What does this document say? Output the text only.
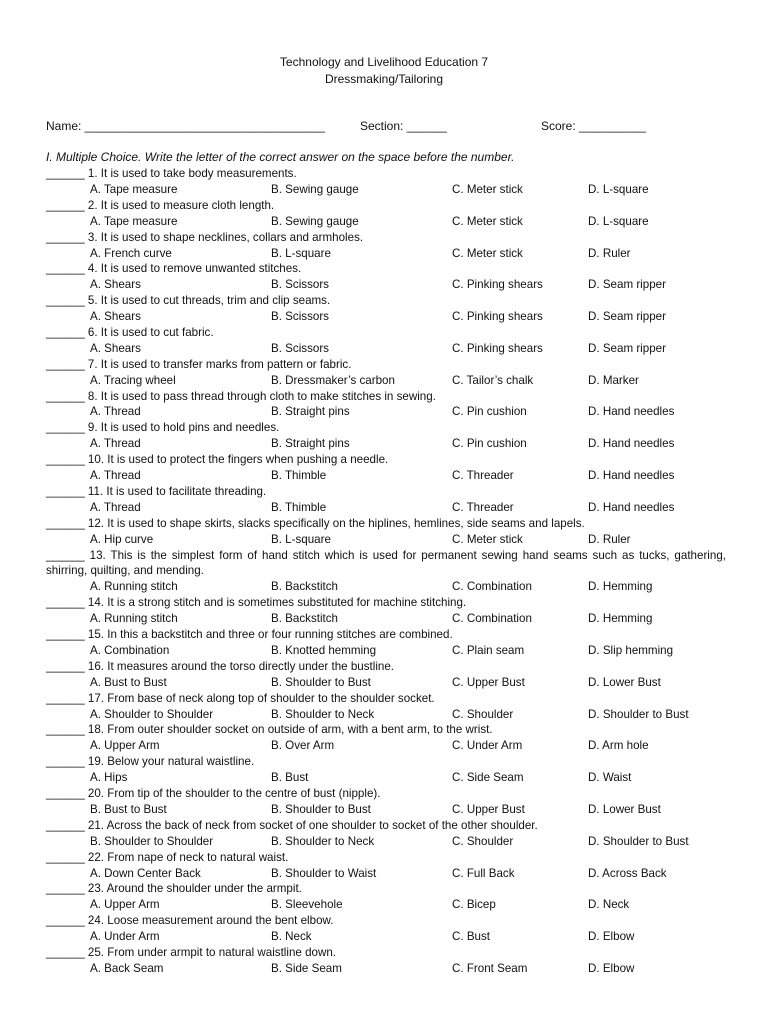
Technology and Livelihood Education 7
Dressmaking/Tailoring
Name: ____________________________________	Section: ______	Score: __________
I. Multiple Choice. Write the letter of the correct answer on the space before the number.
______ 1. It is used to take body measurements.
A. Tape measure	B. Sewing gauge	C. Meter stick	D. L-square
______ 2. It is used to measure cloth length.
A. Tape measure	B. Sewing gauge	C. Meter stick	D. L-square
______ 3. It is used to shape necklines, collars and armholes.
A. French curve	B. L-square	C. Meter stick	D. Ruler
______ 4. It is used to remove unwanted stitches.
A. Shears	B. Scissors	C. Pinking shears	D. Seam ripper
______ 5. It is used to cut threads, trim and clip seams.
A. Shears	B. Scissors	C. Pinking shears	D. Seam ripper
______ 6. It is used to cut fabric.
A. Shears	B. Scissors	C. Pinking shears	D. Seam ripper
______ 7. It is used to transfer marks from pattern or fabric.
A. Tracing wheel	B. Dressmaker’s carbon	C. Tailor’s chalk	D. Marker
______ 8. It is used to pass thread through cloth to make stitches in sewing.
A. Thread	B. Straight pins	C. Pin cushion	D. Hand needles
______ 9. It is used to hold pins and needles.
A. Thread	B. Straight pins	C. Pin cushion	D. Hand needles
______ 10. It is used to protect the fingers when pushing a needle.
A. Thread	B. Thimble	C. Threader	D. Hand needles
______ 11. It is used to facilitate threading.
A. Thread	B. Thimble	C. Threader	D. Hand needles
______ 12. It is used to shape skirts, slacks specifically on the hiplines, hemlines, side seams and lapels.
A. Hip curve	B. L-square	C. Meter stick	D. Ruler
______ 13. This is the simplest form of hand stitch which is used for permanent sewing hand seams such as tucks, gathering, shirring, quilting, and mending.
A. Running stitch	B. Backstitch	C. Combination	D. Hemming
______ 14. It is a strong stitch and is sometimes substituted for machine stitching.
A. Running stitch	B. Backstitch	C. Combination	D. Hemming
______ 15. In this a backstitch and three or four running stitches are combined.
A. Combination	B. Knotted hemming	C. Plain seam	D. Slip hemming
______ 16. It measures around the torso directly under the bustline.
A. Bust to Bust	B. Shoulder to Bust	C. Upper Bust	D. Lower Bust
______ 17. From base of neck along top of shoulder to the shoulder socket.
A. Shoulder to Shoulder	B. Shoulder to Neck	C. Shoulder	D. Shoulder to Bust
______ 18. From outer shoulder socket on outside of arm, with a bent arm, to the wrist.
A. Upper Arm	B. Over Arm	C. Under Arm	D. Arm hole
______ 19. Below your natural waistline.
A. Hips	B. Bust	C. Side Seam	D. Waist
______ 20. From tip of the shoulder to the centre of bust (nipple).
B. Bust to Bust	B. Shoulder to Bust	C. Upper Bust	D. Lower Bust
______ 21. Across the back of neck from socket of one shoulder to socket of the other shoulder.
B. Shoulder to Shoulder	B. Shoulder to Neck	C. Shoulder	D. Shoulder to Bust
______ 22. From nape of neck to natural waist.
A. Down Center Back	B. Shoulder to Waist	C. Full Back	D. Across Back
______ 23. Around the shoulder under the armpit.
A. Upper Arm	B. Sleevehole	C. Bicep	D. Neck
______ 24. Loose measurement around the bent elbow.
A. Under Arm	B. Neck	C. Bust	D. Elbow
______ 25. From under armpit to natural waistline down.
A. Back Seam	B. Side Seam	C. Front Seam	D. Elbow
